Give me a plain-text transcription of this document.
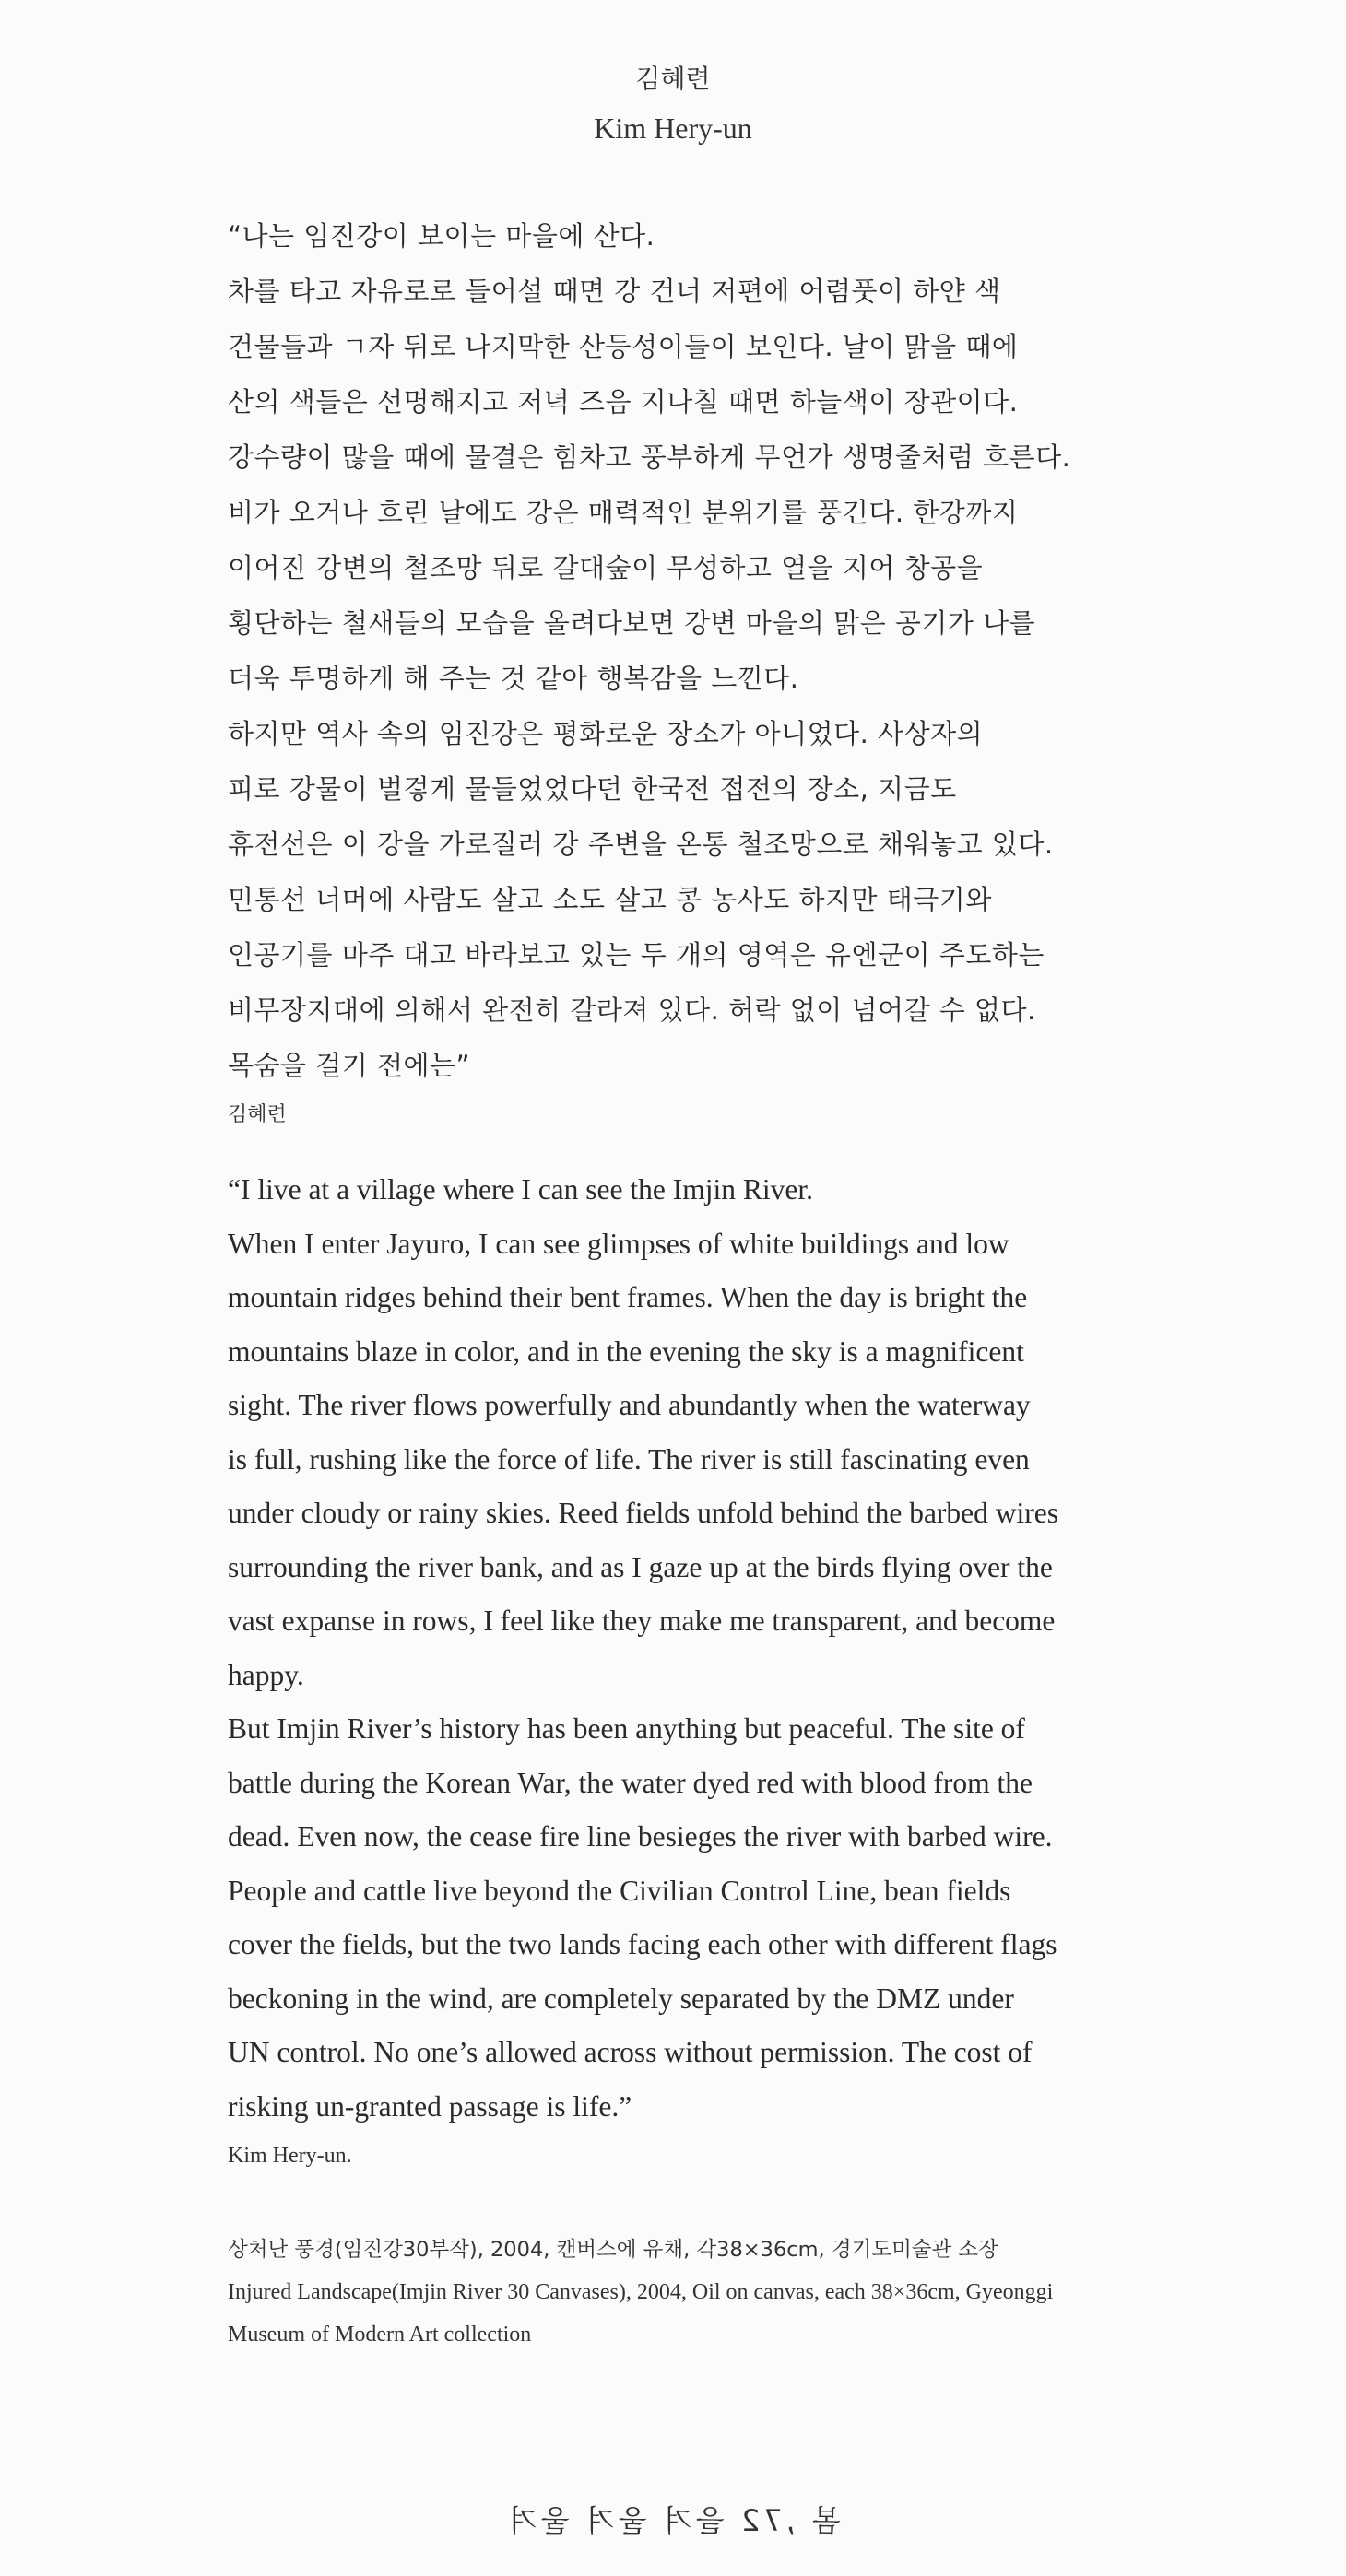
김혜련
Kim Hery-un
“나는 임진강이 보이는 마을에 산다.
차를 타고 자유로로 들어설 때면 강 건너 저편에 어렴풋이 하얀 색
건물들과 ㄱ자 뒤로 나지막한 산등성이들이 보인다. 날이 맑을 때에
산의 색들은 선명해지고 저녁 즈음 지나칠 때면 하늘색이 장관이다.
강수량이 많을 때에 물결은 힘차고 풍부하게 무언가 생명줄처럼 흐른다.
비가 오거나 흐린 날에도 강은 매력적인 분위기를 풍긴다. 한강까지
이어진 강변의 철조망 뒤로 갈대숲이 무성하고 열을 지어 창공을
횡단하는 철새들의 모습을 올려다보면 강변 마을의 맑은 공기가 나를
더욱 투명하게 해 주는 것 같아 행복감을 느낀다.
하지만 역사 속의 임진강은 평화로운 장소가 아니었다. 사상자의
피로 강물이 벌겋게 물들었었다던 한국전 접전의 장소, 지금도
휴전선은 이 강을 가로질러 강 주변을 온통 철조망으로 채워놓고 있다.
민통선 너머에 사람도 살고 소도 살고 콩 농사도 하지만 태극기와
인공기를 마주 대고 바라보고 있는 두 개의 영역은 유엔군이 주도하는
비무장지대에 의해서 완전히 갈라져 있다. 허락 없이 넘어갈 수 없다.
목숨을 걸기 전에는”
김혜련
“I live at a village where I can see the Imjin River.
When I enter Jayuro, I can see glimpses of white buildings and low
mountain ridges behind their bent frames. When the day is bright the
mountains blaze in color, and in the evening the sky is a magnificent
sight. The river flows powerfully and abundantly when the waterway
is full, rushing like the force of life. The river is still fascinating even
under cloudy or rainy skies. Reed fields unfold behind the barbed wires
surrounding the river bank, and as I gaze up at the birds flying over the
vast expanse in rows, I feel like they make me transparent, and become
happy.
But Imjin River’s history has been anything but peaceful. The site of
battle during the Korean War, the water dyed red with blood from the
dead. Even now, the cease fire line besieges the river with barbed wire.
People and cattle live beyond the Civilian Control Line, bean fields
cover the fields, but the two lands facing each other with different flags
beckoning in the wind, are completely separated by the DMZ under
UN control. No one’s allowed across without permission. The cost of
risking un-granted passage is life.”
Kim Hery-un.
상처난 풍경(임진강30부작), 2004, 캔버스에 유채, 각38×36cm, 경기도미술관 소장
Injured Landscape(Imjin River 30 Canvases), 2004, Oil on canvas, each 38×36cm, Gyeonggi
Museum of Modern Art collection
봄 ,72 을겨 울겨 울겨
